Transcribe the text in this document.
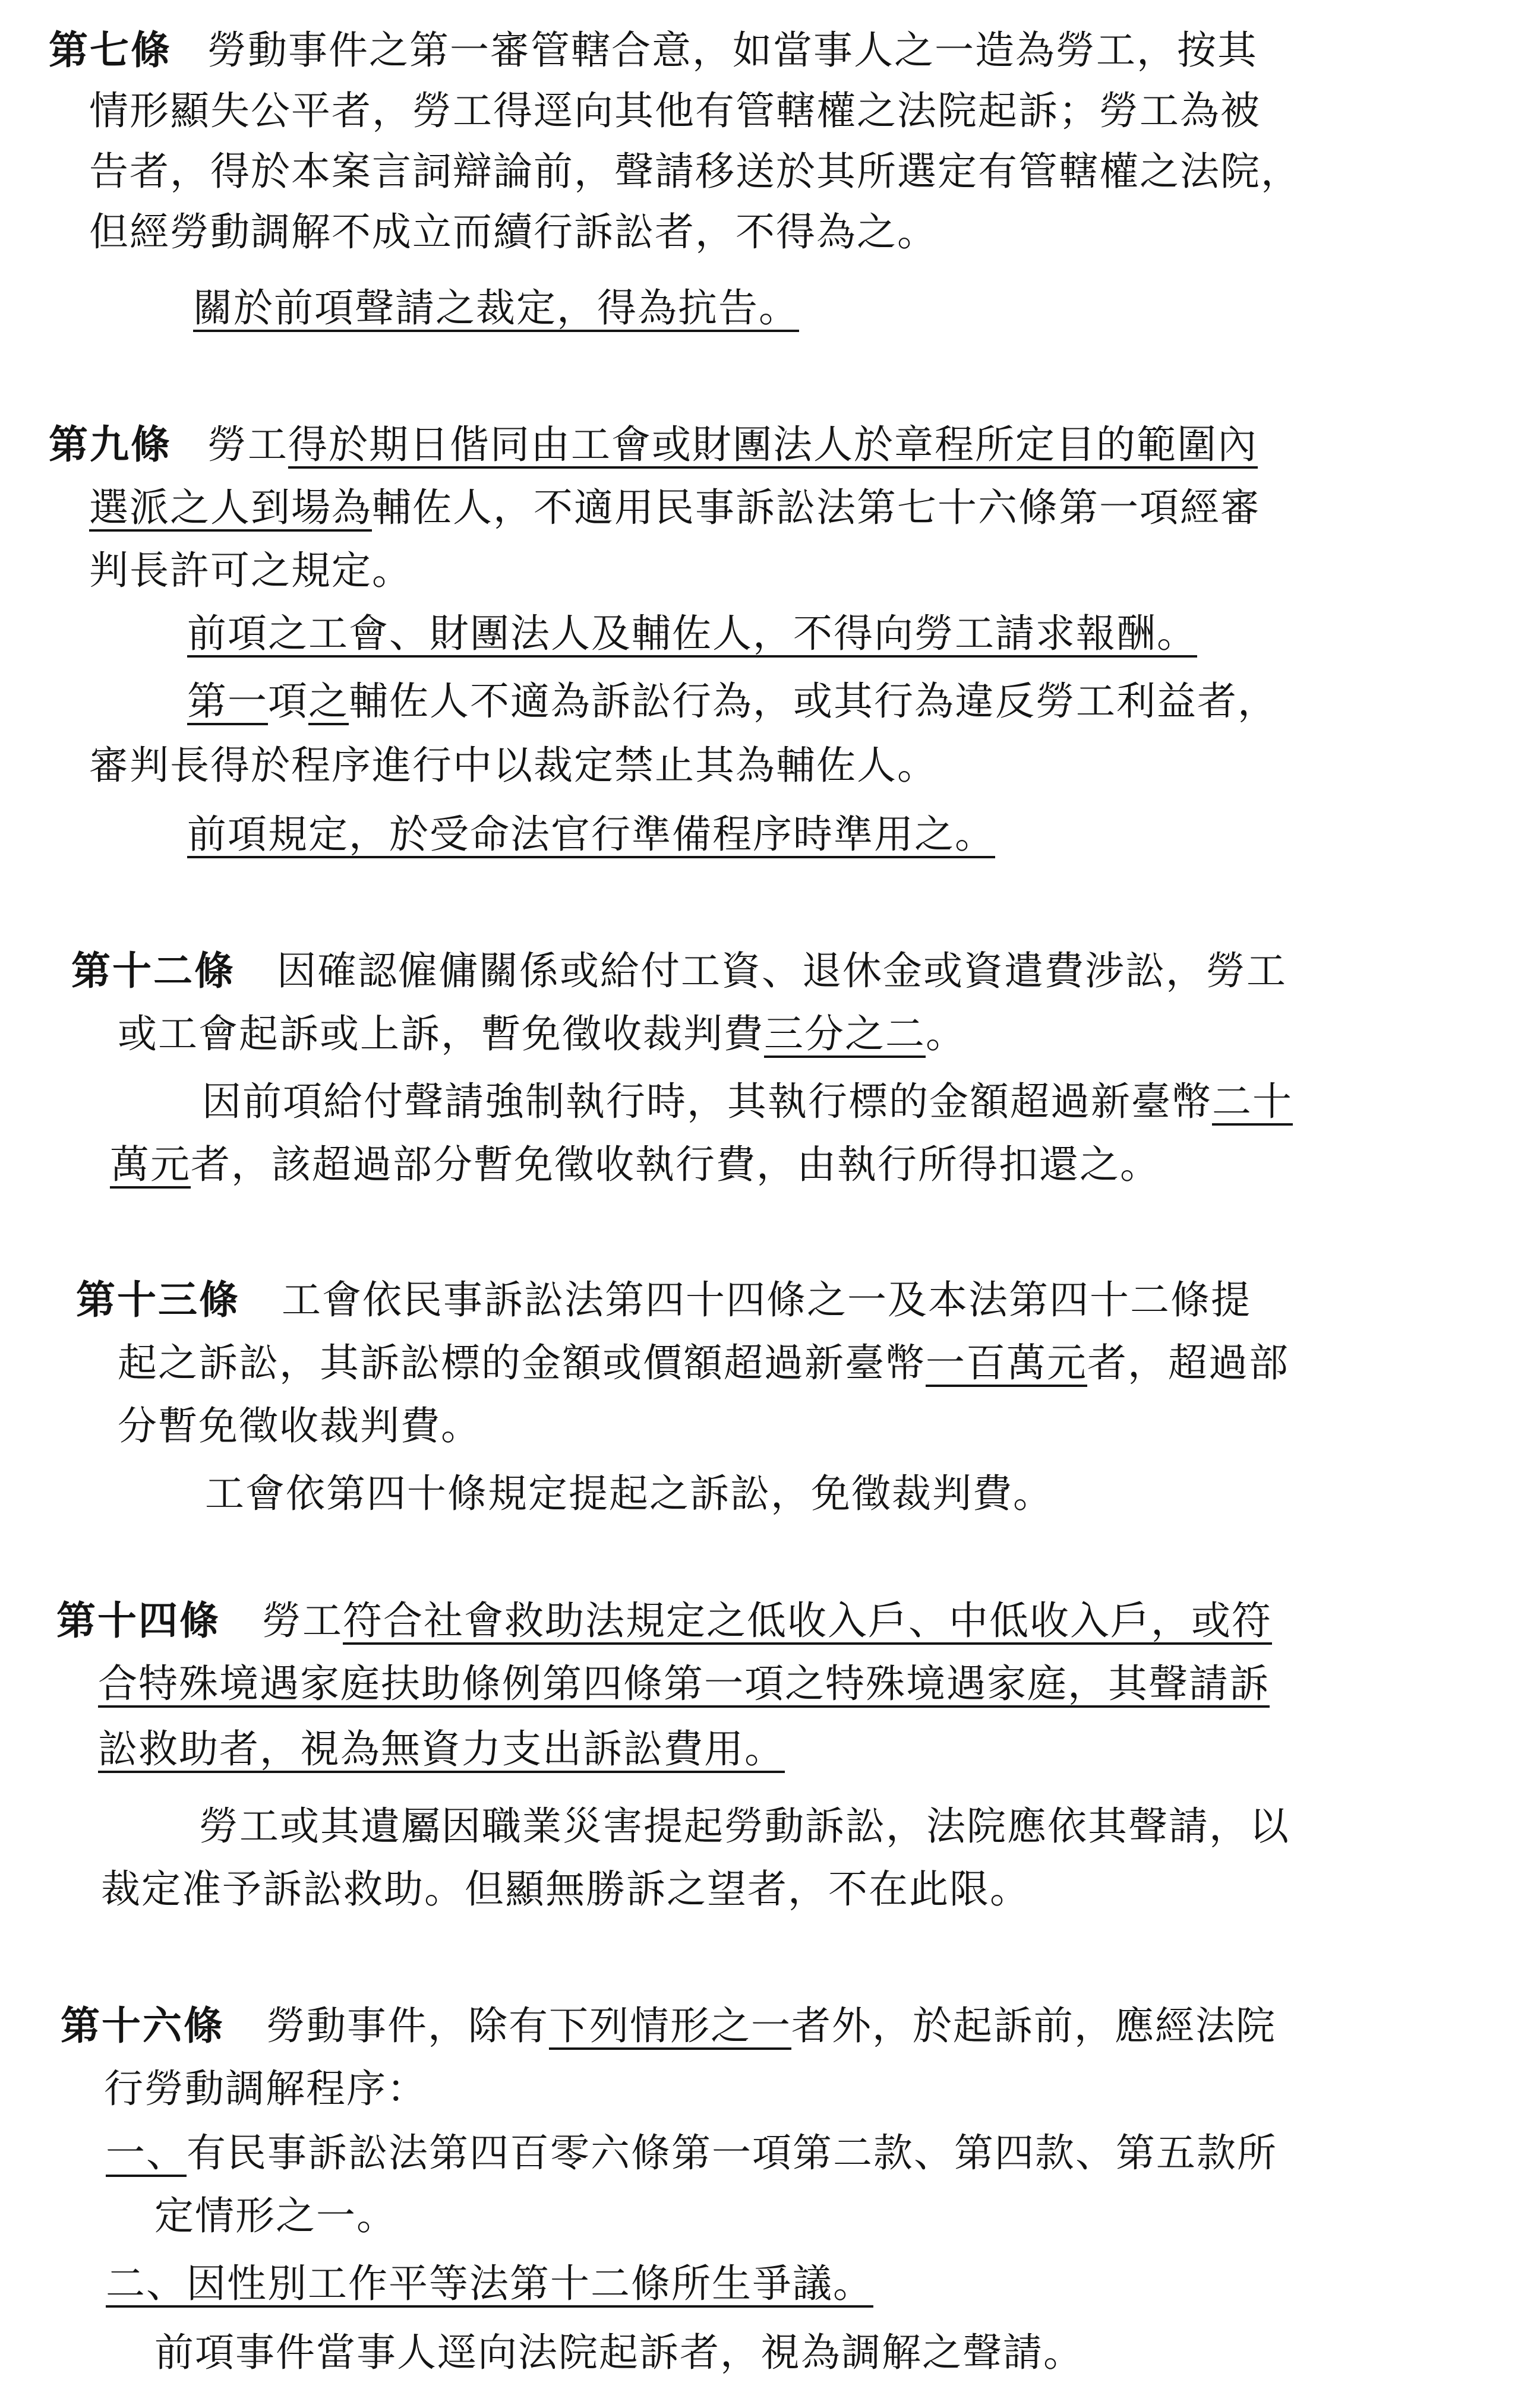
第七條 勞動事件之第一審管轄合意，如當事人之一造為勞工，按其
情形顯失公平者，勞工得逕向其他有管轄權之法院起訴；勞工為被
告者，得於本案言詞辯論前，聲請移送於其所選定有管轄權之法院，
但經勞動調解不成立而續行訴訟者，不得為之。
關於前項聲請之裁定，得為抗告。
第九條 勞工得於期日偕同由工會或財團法人於章程所定目的範圍內
選派之人到場為輔佐人，不適用民事訴訟法第七十六條第一項經審
判長許可之規定。
前項之工會、財團法人及輔佐人，不得向勞工請求報酬。
第一項之輔佐人不適為訴訟行為，或其行為違反勞工利益者，
審判長得於程序進行中以裁定禁止其為輔佐人。
前項規定，於受命法官行準備程序時準用之。
第十二條 因確認僱傭關係或給付工資、退休金或資遣費涉訟，勞工
或工會起訴或上訴，暫免徵收裁判費三分之二。
因前項給付聲請強制執行時，其執行標的金額超過新臺幣二十
萬元者，該超過部分暫免徵收執行費，由執行所得扣還之。
第十三條 工會依民事訴訟法第四十四條之一及本法第四十二條提
起之訴訟，其訴訟標的金額或價額超過新臺幣一百萬元者，超過部
分暫免徵收裁判費。
工會依第四十條規定提起之訴訟，免徵裁判費。
第十四條 勞工符合社會救助法規定之低收入戶、中低收入戶，或符
合特殊境遇家庭扶助條例第四條第一項之特殊境遇家庭，其聲請訴
訟救助者，視為無資力支出訴訟費用。
勞工或其遺屬因職業災害提起勞動訴訟，法院應依其聲請，以
裁定准予訴訟救助。但顯無勝訴之望者，不在此限。
第十六條 勞動事件，除有下列情形之一者外，於起訴前，應經法院
行勞動調解程序：
一、有民事訴訟法第四百零六條第一項第二款、第四款、第五款所
定情形之一。
二、因性別工作平等法第十二條所生爭議。
前項事件當事人逕向法院起訴者，視為調解之聲請。
